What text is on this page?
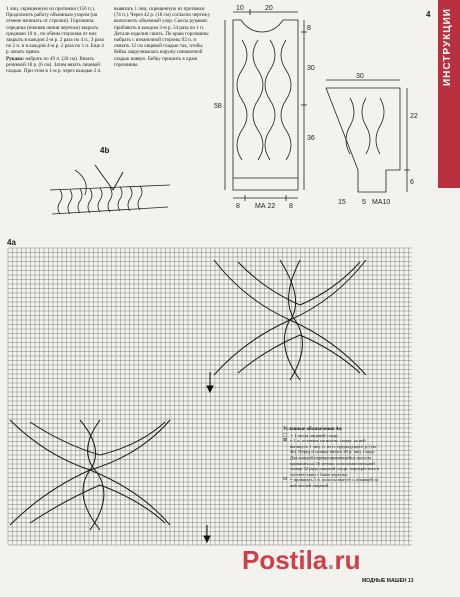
ИНСТРУКЦИИ

1 лиц. скрещенную из протяжки (156 п.). Продолжить работу объемным узором (на отмене начинать от стрелки). Горловина: середина (нижняя линия чертежа) закрыть среднюю 10 п., по обеим сторонам от них закрыть в каждом 2-м р. 2 раза по 4 п., 3 раза по 2 п. и в каждом 4-м р. 2 раза по 1 п. Еще 4 р. вязать прямо.

Рукава: набрать по 49 п. (30 см). Вязать резинкой 18 р. (6 см). Затем вязать лицевой гладью. При этом в 1-м р. через каждые 2 п.

вывязать 1 лиц. скрещенную из протяжки (74 п.). Через 42 р. (18 см) согласно чертежу выполнить объемный узор. Скосы рукавов: прибавить в каждом 3-м р. 34 раза по 1 п.

Детали изделия сшить. По краю горловины набрать с изнаночной стороны 92 п. и связать 12 см лицевой гладью так, чтобы бейка закручивалась наружу изнаночной гладью наверх. Бейку пришить к краю горловины.

10	20
8
30
36
58
8 МА 22 8
30
22
6
15 5 МА10
4
4а
4b
Условные обозначения 4а:
□ = 1 петля лицевой глади
⊠ = 1 п. оставить на вспом. спице, за ней вытянуть 1 лиц. п. из п. предыдущего р. (см. 4b). Перед и спинку вязать 20 р. лиц. глади. Для каждой перекрещивающейся полосы провязать на 16 петлях со вспомогательной спицы 32 ряда лицевой глади, перекрестить в соответствии с linии чертежа.
⊡ = провязать 1 п. полосы вместе с лежащей за ней петлей лицевой
Postila.ru
МОДНЫЕ МАШЕН 13
